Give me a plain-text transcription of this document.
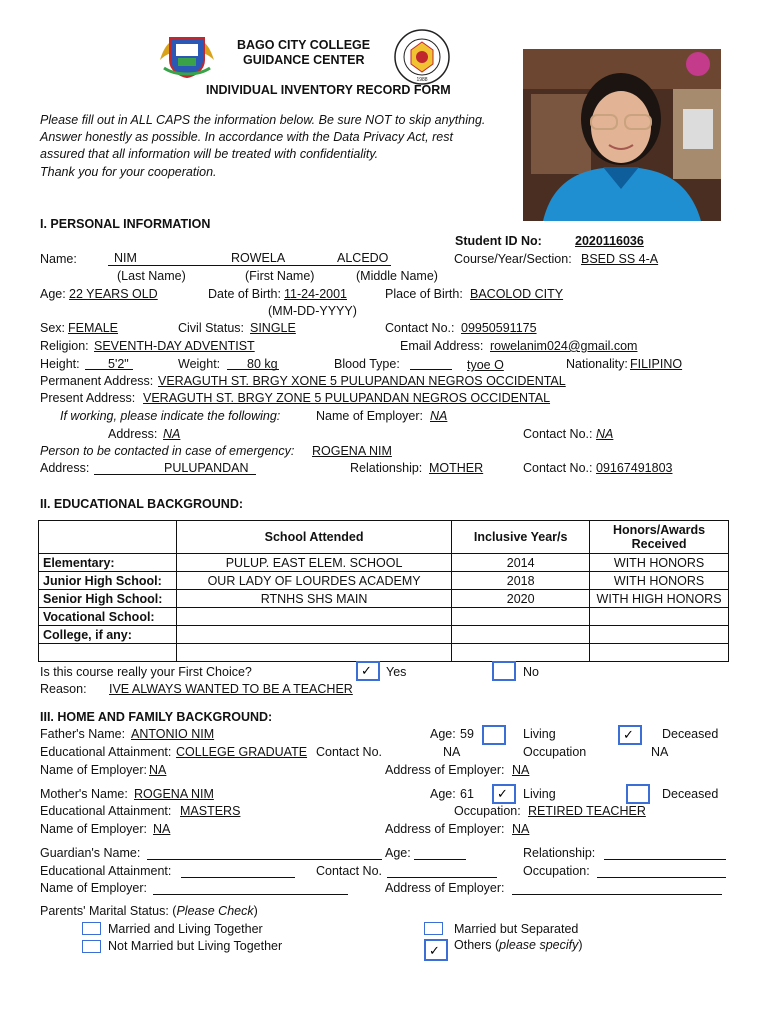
BAGO CITY COLLEGE
GUIDANCE CENTER
1988
INDIVIDUAL INVENTORY RECORD FORM
Please fill out in ALL CAPS the information below. Be sure NOT to skip anything.
Answer honestly as possible. In accordance with the Data Privacy Act, rest
assured that all information will be treated with confidentiality.
Thank you for your cooperation.
I. PERSONAL INFORMATION
Student ID No:	2020116036
Name:	NIM	ROWELA	ALCEDO	Course/Year/Section: BSED SS 4-A
(Last Name)	(First Name)	(Middle Name)
Age: 22 YEARS OLD	Date of Birth: 11-24-2001	Place of Birth: BACOLOD CITY
(MM-DD-YYYY)
Sex: FEMALE	Civil Status: SINGLE	Contact No.: 09950591175
Religion: SEVENTH-DAY ADVENTIST	Email Address: rowelanim024@gmail.com
Height: 5'2"	Weight: 80 kg	Blood Type:	tyoe O	Nationality: FILIPINO
Permanent Address: VERAGUTH ST. BRGY XONE 5 PULUPANDAN NEGROS OCCIDENTAL
Present Address: VERAGUTH ST. BRGY ZONE 5 PULUPANDAN NEGROS OCCIDENTAL
If working, please indicate the following:	Name of Employer: NA
Address: NA	Contact No.: NA
Person to be contacted in case of emergency: ROGENA NIM
Address:	PULUPANDAN	Relationship: MOTHER	Contact No.: 09167491803
II. EDUCATIONAL BACKGROUND:
	School Attended	Inclusive Year/s	Honors/Awards Received
Elementary:	PULUP. EAST ELEM. SCHOOL	2014	WITH HONORS
Junior High School:	OUR LADY OF LOURDES ACADEMY	2018	WITH HONORS
Senior High School:	RTNHS SHS MAIN	2020	WITH HIGH HONORS
Vocational School:			
College, if any:			

Is this course really your First Choice?	✓ Yes	No
Reason: IVE ALWAYS WANTED TO BE A TEACHER
III. HOME AND FAMILY BACKGROUND:
Father's Name: ANTONIO NIM	Age: 59	Living	✓ Deceased
Educational Attainment: COLLEGE GRADUATE Contact No.	NA	Occupation	NA
Name of Employer: NA	Address of Employer: NA
Mother's Name: ROGENA NIM	Age: 61 ✓ Living	Deceased
Educational Attainment: MASTERS	Occupation: RETIRED TEACHER
Name of Employer: NA	Address of Employer: NA
Guardian's Name:	Age:	Relationship:
Educational Attainment:	Contact No.	Occupation:
Name of Employer:	Address of Employer:
Parents' Marital Status: (Please Check)
Married and Living Together
Not Married but Living Together
Married but Separated
✓ Others (please specify)
